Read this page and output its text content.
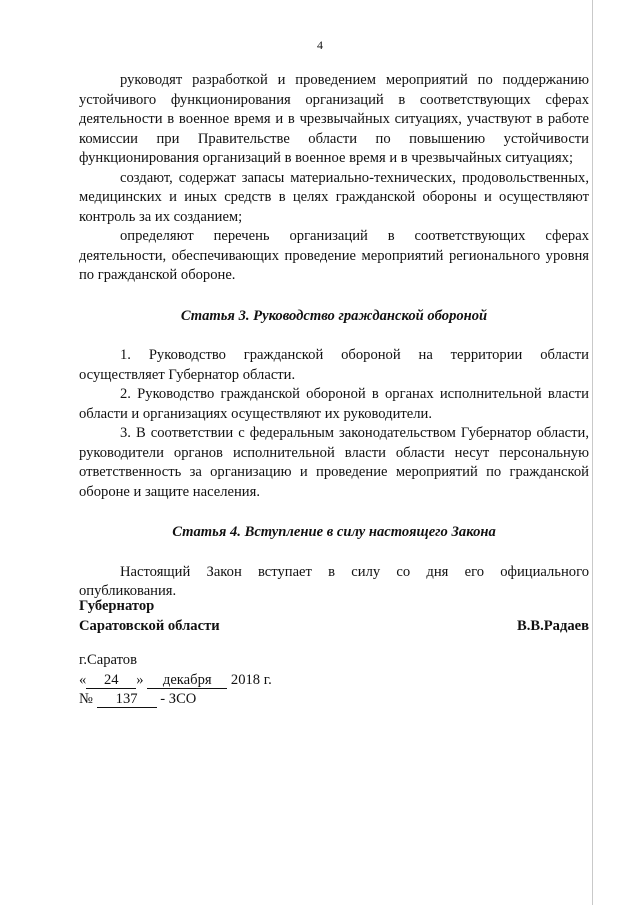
4

руководят разработкой и проведением мероприятий по поддержанию устойчивого функционирования организаций в соответствующих сферах деятельности в военное время и в чрезвычайных ситуациях, участвуют в работе комиссии при Правительстве области по повышению устойчивости функционирования организаций в военное время и в чрезвычайных ситуациях;

создают, содержат запасы материально-технических, продовольственных, медицинских и иных средств в целях гражданской обороны и осуществляют контроль за их созданием;

определяют перечень организаций в соответствующих сферах деятельности, обеспечивающих проведение мероприятий регионального уровня по гражданской обороне.

Статья 3. Руководство гражданской обороной

1. Руководство гражданской обороной на территории области осуществляет Губернатор области.

2. Руководство гражданской обороной в органах исполнительной власти области и организациях осуществляют их руководители.

3. В соответствии с федеральным законодательством Губернатор области, руководители органов исполнительной власти области несут персональную ответственность за организацию и проведение мероприятий по гражданской обороне и защите населения.

Статья 4. Вступление в силу настоящего Закона

Настоящий Закон вступает в силу со дня его официального опубликования.

Губернатор
Саратовской области	В.В.Радаев
г.Саратов
« 24 » декабря 2018 г.
№ 137 - ЗСО
